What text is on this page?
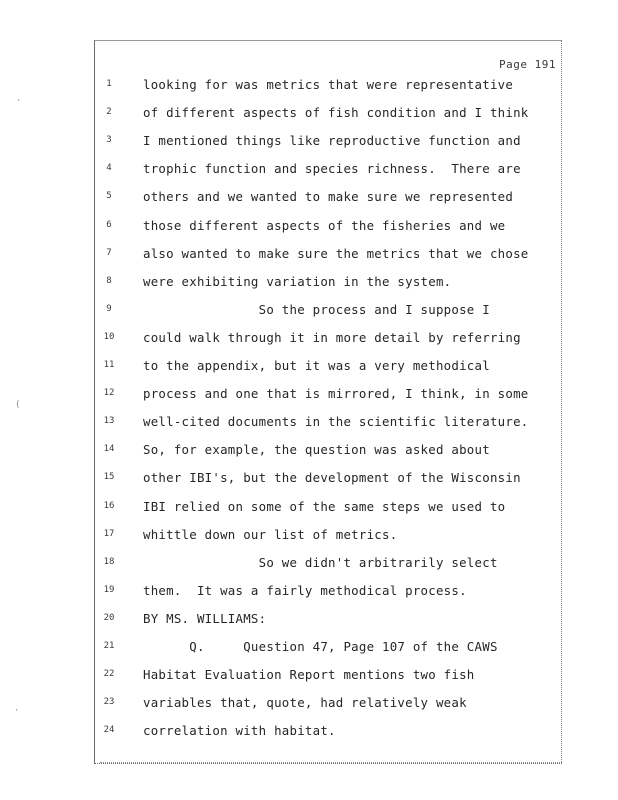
·
(
·
Page 191
1	looking for was metrics that were representative
2	of different aspects of fish condition and I think
3	I mentioned things like reproductive function and
4	trophic function and species richness.  There are
5	others and we wanted to make sure we represented
6	those different aspects of the fisheries and we
7	also wanted to make sure the metrics that we chose
8	were exhibiting variation in the system.
9	So the process and I suppose I
10	could walk through it in more detail by referring
11	to the appendix, but it was a very methodical
12	process and one that is mirrored, I think, in some
13	well-cited documents in the scientific literature.
14	So, for example, the question was asked about
15	other IBI's, but the development of the Wisconsin
16	IBI relied on some of the same steps we used to
17	whittle down our list of metrics.
18	So we didn't arbitrarily select
19	them.  It was a fairly methodical process.
20	BY MS. WILLIAMS:
21	Q.     Question 47, Page 107 of the CAWS
22	Habitat Evaluation Report mentions two fish
23	variables that, quote, had relatively weak
24	correlation with habitat.
